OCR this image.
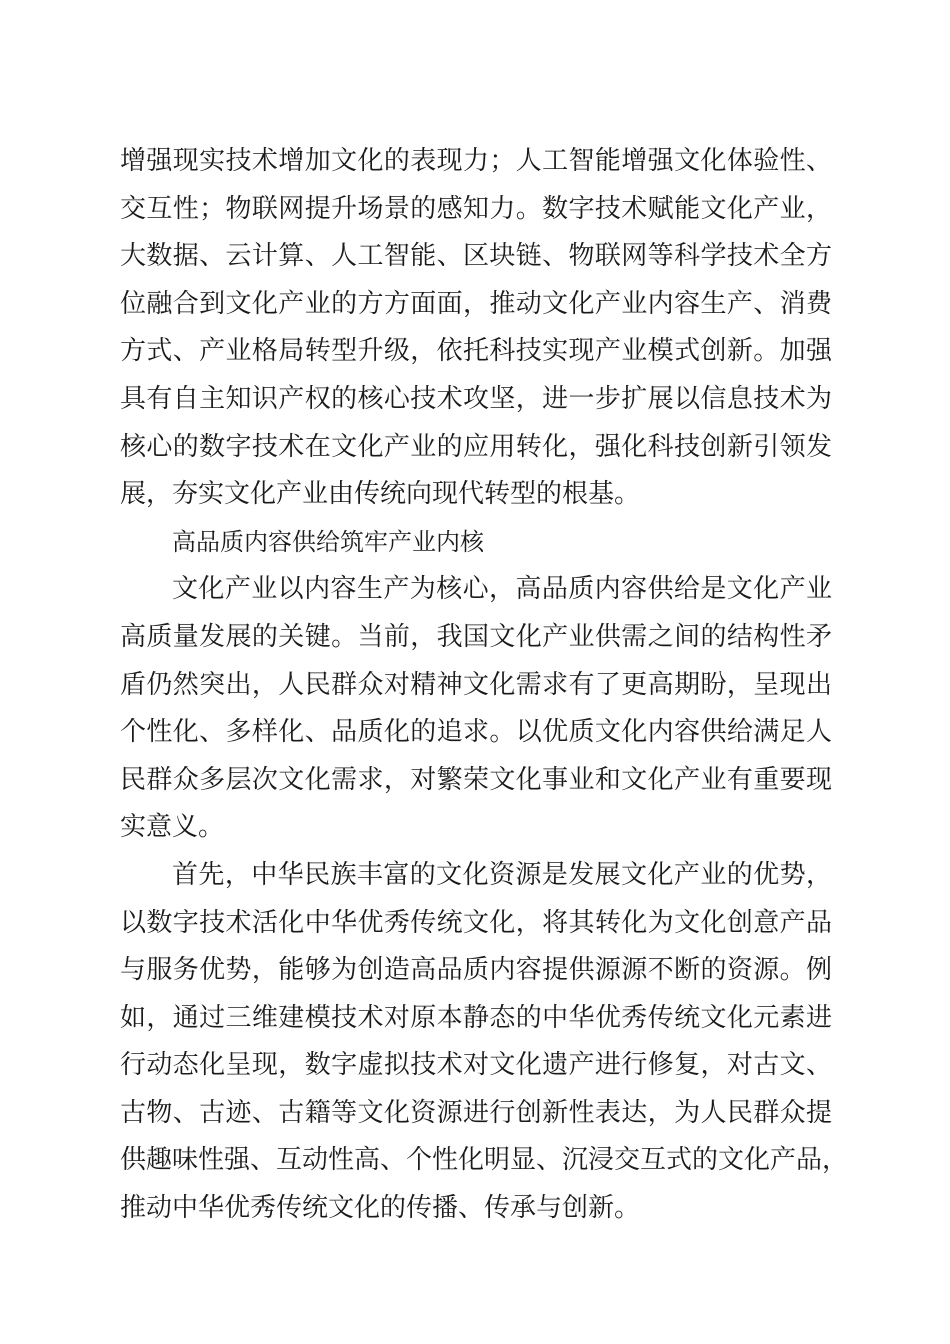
增强现实技术增加文化的表现力；人工智能增强文化体验性、
交互性；物联网提升场景的感知力。数字技术赋能文化产业，
大数据、云计算、人工智能、区块链、物联网等科学技术全方
位融合到文化产业的方方面面，推动文化产业内容生产、消费
方式、产业格局转型升级，依托科技实现产业模式创新。加强
具有自主知识产权的核心技术攻坚，进一步扩展以信息技术为
核心的数字技术在文化产业的应用转化，强化科技创新引领发
展，夯实文化产业由传统向现代转型的根基。
高品质内容供给筑牢产业内核
文化产业以内容生产为核心，高品质内容供给是文化产业
高质量发展的关键。当前，我国文化产业供需之间的结构性矛
盾仍然突出，人民群众对精神文化需求有了更高期盼，呈现出
个性化、多样化、品质化的追求。以优质文化内容供给满足人
民群众多层次文化需求，对繁荣文化事业和文化产业有重要现
实意义。
首先，中华民族丰富的文化资源是发展文化产业的优势，
以数字技术活化中华优秀传统文化，将其转化为文化创意产品
与服务优势，能够为创造高品质内容提供源源不断的资源。例
如，通过三维建模技术对原本静态的中华优秀传统文化元素进
行动态化呈现，数字虚拟技术对文化遗产进行修复，对古文、
古物、古迹、古籍等文化资源进行创新性表达，为人民群众提
供趣味性强、互动性高、个性化明显、沉浸交互式的文化产品，
推动中华优秀传统文化的传播、传承与创新。
